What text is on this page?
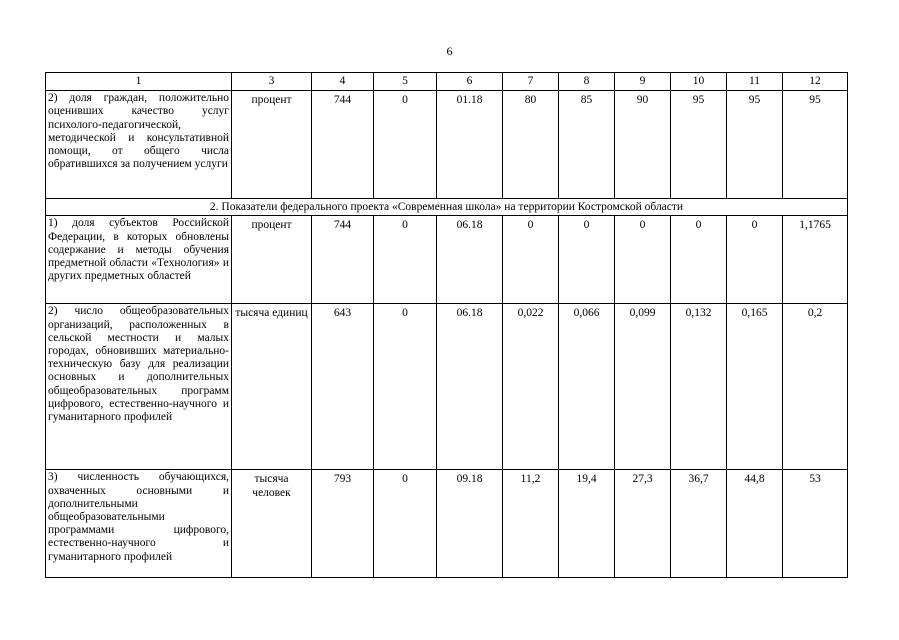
6
1	3	4	5	6	7	8	9	10	11	12
2) доля граждан, положительно оценивших качество услуг психолого-педагогической, методической и консультативной помощи, от общего числа обратившихся за получением услуги	процент	744	0	01.18	80	85	90	95	95	95
2. Показатели федерального проекта «Современная школа» на территории Костромской области										
1) доля субъектов Российской Федерации, в которых обновлены содержание и методы обучения предметной области «Технология» и других предметных областей	процент	744	0	06.18	0	0	0	0	0	1,1765
2) число общеобразовательных организаций, расположенных в сельской местности и малых городах, обновивших материально-техническую базу для реализации основных и дополнительных общеобразовательных программ цифрового, естественно-научного и гуманитарного профилей	тысяча единиц	643	0	06.18	0,022	0,066	0,099	0,132	0,165	0,2
3) численность обучающихся, охваченных основными и дополнительными общеобразовательными программами цифрового, естественно-научного и гуманитарного профилей	тысяча человек	793	0	09.18	11,2	19,4	27,3	36,7	44,8	53
